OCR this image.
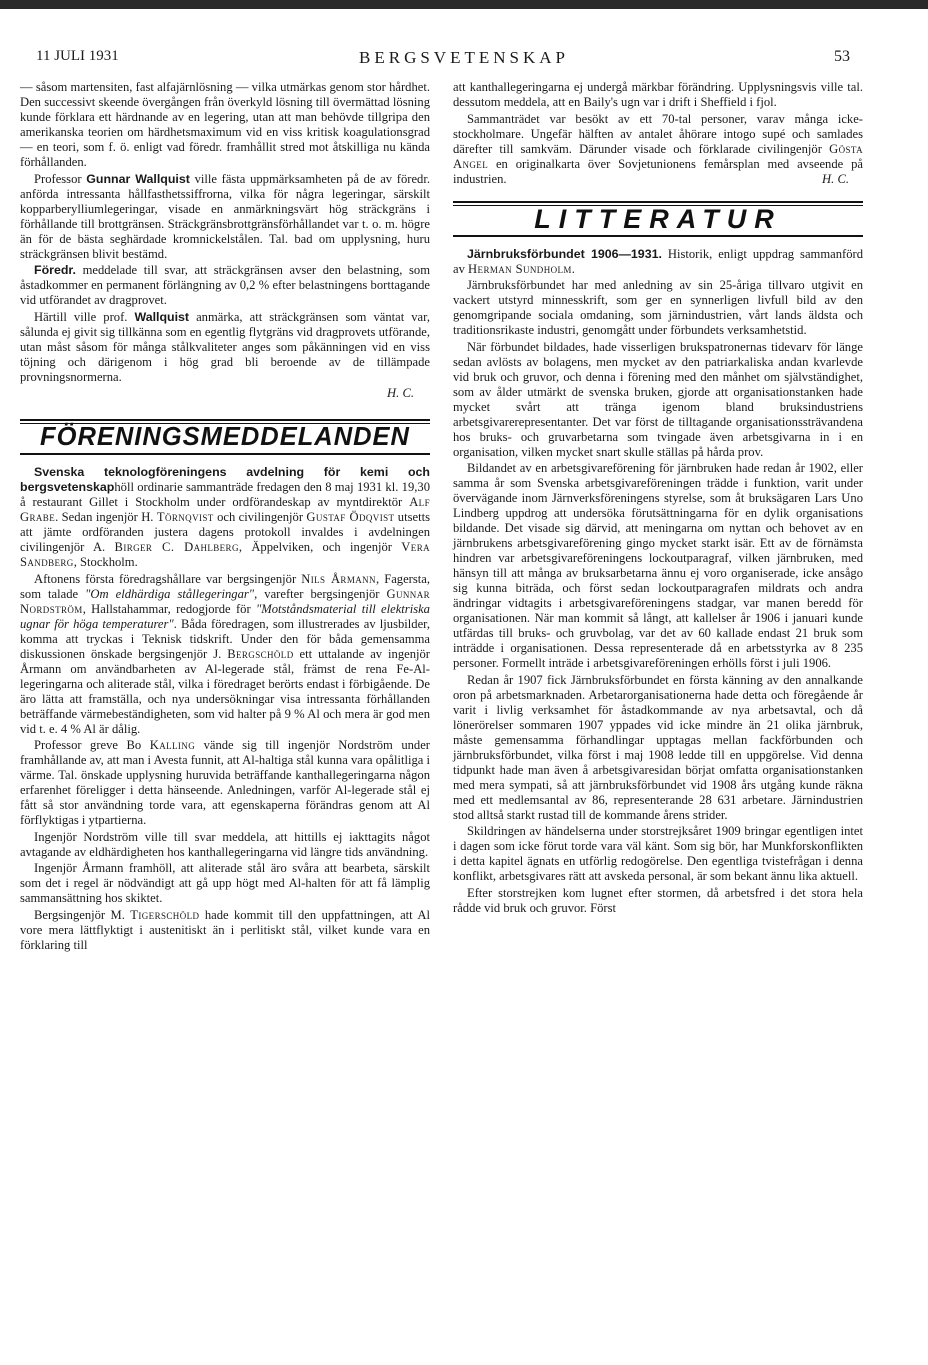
11 JULI 1931	BERGSVETENSKAP	53

— såsom martensiten, fast alfajärnlösning — vilka utmärkas genom stor hårdhet. Den successivt skeende övergången från överkyld lösning till övermättad lösning kunde förklara ett härdnande av en legering, utan att man behövde tillgripa den amerikanska teorien om härdhetsmaximum vid en viss kritisk koagulationsgrad — en teori, som f. ö. enligt vad föredr. framhållit stred mot åtskilliga nu kända förhållanden.

Professor Gunnar Wallquist ville fästa uppmärksamheten på de av föredr. anförda intressanta hållfasthetssiffrorna, vilka för några legeringar, särskilt kopparberylliumlegeringar, visade en anmärkningsvärt hög sträckgräns i förhållande till brottgränsen. Sträckgränsbrottgränsförhållandet var t. o. m. högre än för de bästa seghärdade kromnickelstålen. Tal. bad om upplysning, huru sträckgränsen blivit bestämd.

Föredr. meddelade till svar, att sträckgränsen avser den belastning, som åstadkommer en permanent förlängning av 0,2 % efter belastningens borttagande vid utförandet av dragprovet.

Härtill ville prof. Wallquist anmärka, att sträckgränsen som väntat var, sålunda ej givit sig tillkänna som en egentlig flytgräns vid dragprovets utförande, utan måst såsom för många stålkvaliteter anges som påkänningen vid en viss töjning och därigenom i hög grad bli beroende av de tillämpade provningsnormerna.

H. C.
FÖRENINGSMEDDELANDEN

Svenska teknologföreningens avdelning för kemi och bergsvetenskaphöll ordinarie sammanträde fredagen den 8 maj 1931 kl. 19,30 å restaurant Gillet i Stockholm under ordförandeskap av myntdirektör Alf Grabe. Sedan ingenjör H. Törnqvist och civilingenjör Gustaf Ödqvist utsetts att jämte ordföranden justera dagens protokoll invaldes i avdelningen civilingenjör A. Birger C. Dahlberg, Äppelviken, och ingenjör Vera Sandberg, Stockholm.

Aftonens första föredragshållare var bergsingenjör Nils Årmann, Fagersta, som talade "Om eldhärdiga stållegeringar", varefter bergsingenjör Gunnar Nordström, Hallstahammar, redogjorde för "Motståndsmaterial till elektriska ugnar för höga temperaturer". Båda föredragen, som illustrerades av ljusbilder, komma att tryckas i Teknisk tidskrift. Under den för båda gemensamma diskussionen önskade bergsingenjör J. Bergschöld ett uttalande av ingenjör Årmann om användbarheten av Al-legerade stål, främst de rena Fe-Al-legeringarna och aliterade stål, vilka i föredraget berörts endast i förbigående. De äro lätta att framställa, och nya undersökningar visa intressanta förhållanden beträffande värmebeständigheten, som vid halter på 9 % Al och mera är god men vid t. e. 4 % Al är dålig.

Professor greve Bo Kalling vände sig till ingenjör Nordström under framhållande av, att man i Avesta funnit, att Al-haltiga stål kunna vara opålitliga i värme. Tal. önskade upplysning huruvida beträffande kanthallegeringarna någon erfarenhet föreligger i detta hänseende. Anledningen, varför Al-legerade stål ej fått så stor användning torde vara, att egenskaperna förändras genom att Al förflyktigas i ytpartierna.

Ingenjör Nordström ville till svar meddela, att hittills ej iakttagits något avtagande av eldhärdigheten hos kanthallegeringarna vid längre tids användning.

Ingenjör Årmann framhöll, att aliterade stål äro svåra att bearbeta, särskilt som det i regel är nödvändigt att gå upp högt med Al-halten för att få lämplig sammansättning hos skiktet.

Bergsingenjör M. Tigerschöld hade kommit till den uppfattningen, att Al vore mera lättflyktigt i austenitiskt än i perlitiskt stål, vilket kunde vara en förklaring till

att kanthallegeringarna ej undergå märkbar förändring. Upplysningsvis ville tal. dessutom meddela, att en Baily's ugn var i drift i Sheffield i fjol.

Sammanträdet var besökt av ett 70-tal personer, varav många icke-stockholmare. Ungefär hälften av antalet åhörare intogo supé och samlades därefter till samkväm. Därunder visade och förklarade civilingenjör Gösta Angel en originalkarta över Sovjetunionens femårsplan med avseende på industrien.	H. C.

LITTERATUR

Järnbruksförbundet 1906—1931. Historik, enligt uppdrag sammanförd av Herman Sundholm.

Järnbruksförbundet har med anledning av sin 25-åriga tillvaro utgivit en vackert utstyrd minnesskrift, som ger en synnerligen livfull bild av den genomgripande sociala omdaning, som järnindustrien, vårt lands äldsta och traditionsrikaste industri, genomgått under förbundets verksamhetstid.

När förbundet bildades, hade visserligen brukspatronernas tidevarv för länge sedan avlösts av bolagens, men mycket av den patriarkaliska andan kvarlevde vid bruk och gruvor, och denna i förening med den månhet om självständighet, som av ålder utmärkt de svenska bruken, gjorde att organisationstanken hade mycket svårt att tränga igenom bland bruksindustriens arbetsgivarerepresentanter. Det var först de tilltagande organisationssträvandena hos bruks- och gruvarbetarna som tvingade även arbetsgivarna in i en organisation, vilken mycket snart skulle ställas på hårda prov.

Bildandet av en arbetsgivareförening för järnbruken hade redan år 1902, eller samma år som Svenska arbetsgivareföreningen trädde i funktion, varit under övervägande inom Järnverksföreningens styrelse, som åt bruksägaren Lars Uno Lindberg uppdrog att undersöka förutsättningarna för en dylik organisations bildande. Det visade sig därvid, att meningarna om nyttan och behovet av en järnbrukens arbetsgivareförening gingo mycket starkt isär. Ett av de förnämsta hindren var arbetsgivareföreningens lockoutparagraf, vilken järnbruken, med hänsyn till att många av bruksarbetarna ännu ej voro organiserade, icke ansågo sig kunna biträda, och först sedan lockoutparagrafen mildrats och andra ändringar vidtagits i arbetsgivareföreningens stadgar, var manen beredd för organisationen. När man kommit så långt, att kallelser år 1906 i januari kunde utfärdas till bruks- och gruvbolag, var det av 60 kallade endast 21 bruk som inträdde i organisationen. Dessa representerade då en arbetsstyrka av 8 235 personer. Formellt inträde i arbetsgivareföreningen erhölls först i juli 1906.

Redan år 1907 fick Järnbruksförbundet en första känning av den annalkande oron på arbetsmarknaden. Arbetarorganisationerna hade detta och föregående år varit i livlig verksamhet för åstadkommande av nya arbetsavtal, och då lönerörelser sommaren 1907 yppades vid icke mindre än 21 olika järnbruk, måste gemensamma förhandlingar upptagas mellan fackförbunden och järnbruksförbundet, vilka först i maj 1908 ledde till en uppgörelse. Vid denna tidpunkt hade man även å arbetsgivaresidan börjat omfatta organisationstanken med mera sympati, så att järnbruksförbundet vid 1908 års utgång kunde räkna med ett medlemsantal av 86, representerande 28 631 arbetare. Järnindustrien stod alltså starkt rustad till de kommande årens strider.

Skildringen av händelserna under storstrejksåret 1909 bringar egentligen intet i dagen som icke förut torde vara väl känt. Som sig bör, har Munkforskonflikten i detta kapitel ägnats en utförlig redogörelse. Den egentliga tvistefrågan i denna konflikt, arbetsgivares rätt att avskeda personal, är som bekant ännu lika aktuell.

Efter storstrejken kom lugnet efter stormen, då arbetsfred i det stora hela rådde vid bruk och gruvor. Först
